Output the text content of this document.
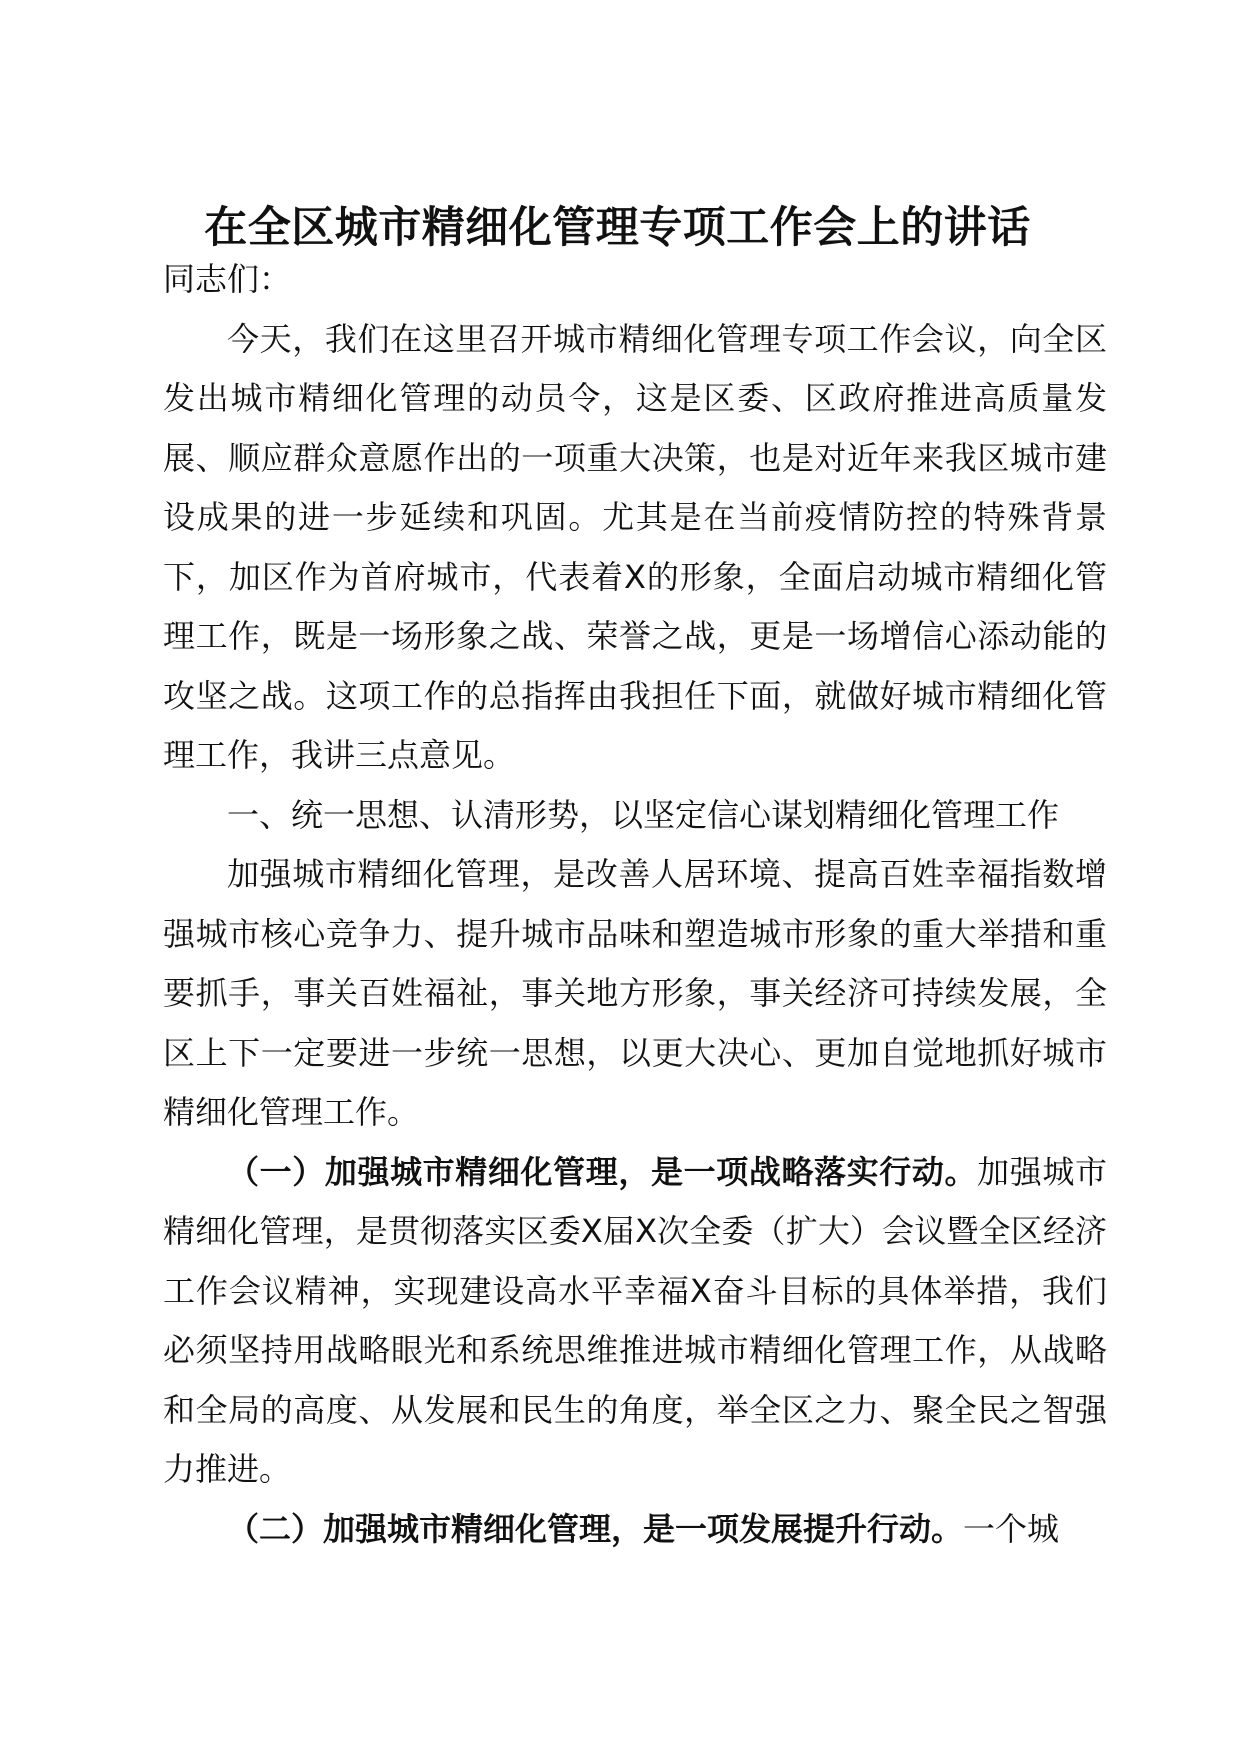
在全区城市精细化管理专项工作会上的讲话

同志们：

今天，我们在这里召开城市精细化管理专项工作会议，向全区发出城市精细化管理的动员令，这是区委、区政府推进高质量发展、顺应群众意愿作出的一项重大决策，也是对近年来我区城市建设成果的进一步延续和巩固。尤其是在当前疫情防控的特殊背景下，加区作为首府城市，代表着X的形象，全面启动城市精细化管理工作，既是一场形象之战、荣誉之战，更是一场增信心添动能的攻坚之战。这项工作的总指挥由我担任下面，就做好城市精细化管理工作，我讲三点意见。

一、统一思想、认清形势，以坚定信心谋划精细化管理工作

加强城市精细化管理，是改善人居环境、提高百姓幸福指数增强城市核心竞争力、提升城市品味和塑造城市形象的重大举措和重要抓手，事关百姓福祉，事关地方形象，事关经济可持续发展，全区上下一定要进一步统一思想，以更大决心、更加自觉地抓好城市精细化管理工作。

（一）加强城市精细化管理，是一项战略落实行动。加强城市精细化管理，是贯彻落实区委X届X次全委（扩大）会议暨全区经济工作会议精神，实现建设高水平幸福X奋斗目标的具体举措，我们必须坚持用战略眼光和系统思维推进城市精细化管理工作，从战略和全局的高度、从发展和民生的角度，举全区之力、聚全民之智强力推进。

（二）加强城市精细化管理，是一项发展提升行动。一个城
